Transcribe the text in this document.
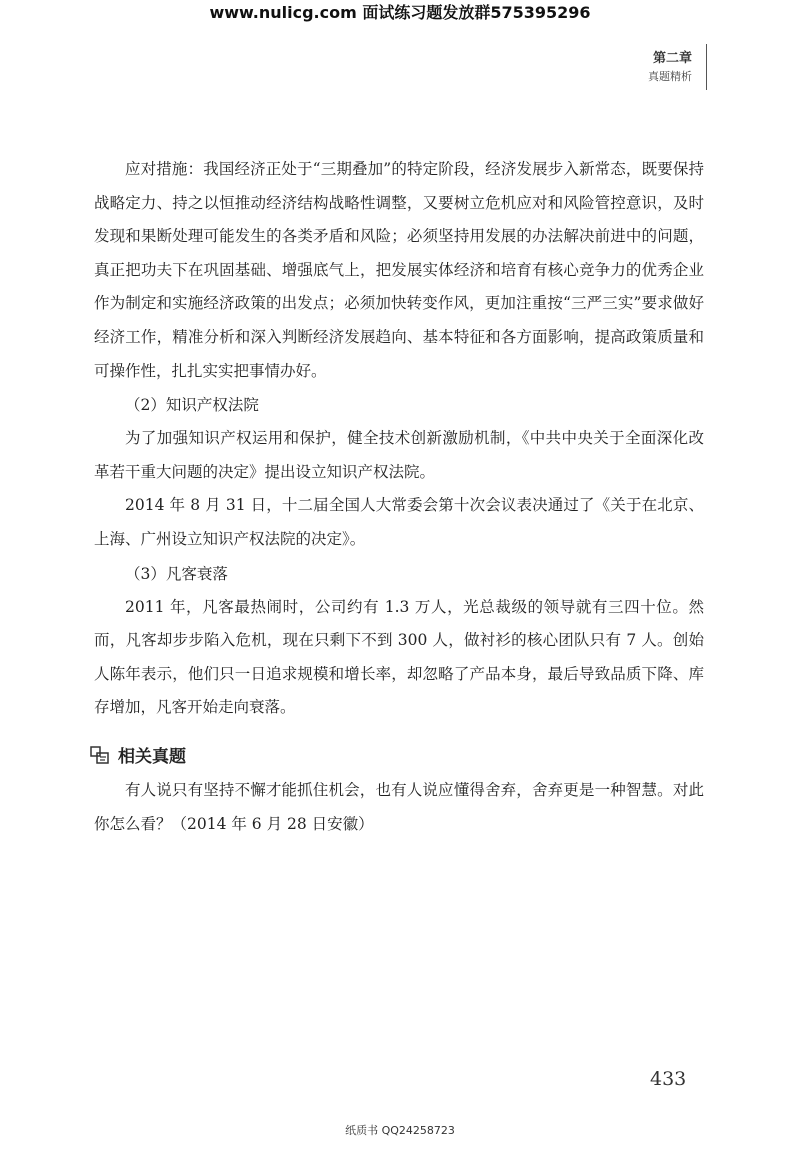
www.nulicg.com 面试练习题发放群575395296
第二章
真题精析

应对措施：我国经济正处于“三期叠加”的特定阶段，经济发展步入新常态，既要保持战略定力、持之以恒推动经济结构战略性调整，又要树立危机应对和风险管控意识，及时发现和果断处理可能发生的各类矛盾和风险；必须坚持用发展的办法解决前进中的问题，真正把功夫下在巩固基础、增强底气上，把发展实体经济和培育有核心竞争力的优秀企业作为制定和实施经济政策的出发点；必须加快转变作风，更加注重按“三严三实”要求做好经济工作，精准分析和深入判断经济发展趋向、基本特征和各方面影响，提高政策质量和可操作性，扎扎实实把事情办好。

（2）知识产权法院

为了加强知识产权运用和保护，健全技术创新激励机制，《中共中央关于全面深化改革若干重大问题的决定》提出设立知识产权法院。

2014 年 8 月 31 日，十二届全国人大常委会第十次会议表决通过了《关于在北京、上海、广州设立知识产权法院的决定》。

（3）凡客衰落

2011 年，凡客最热闹时，公司约有 1.3 万人，光总裁级的领导就有三四十位。然而，凡客却步步陷入危机，现在只剩下不到 300 人，做衬衫的核心团队只有 7 人。创始人陈年表示，他们只一日追求规模和增长率，却忽略了产品本身，最后导致品质下降、库存增加，凡客开始走向衰落。

相关真题

有人说只有坚持不懈才能抓住机会，也有人说应懂得舍弃，舍弃更是一种智慧。对此你怎么看？（2014 年 6 月 28 日安徽）

433
纸质书 QQ24258723
